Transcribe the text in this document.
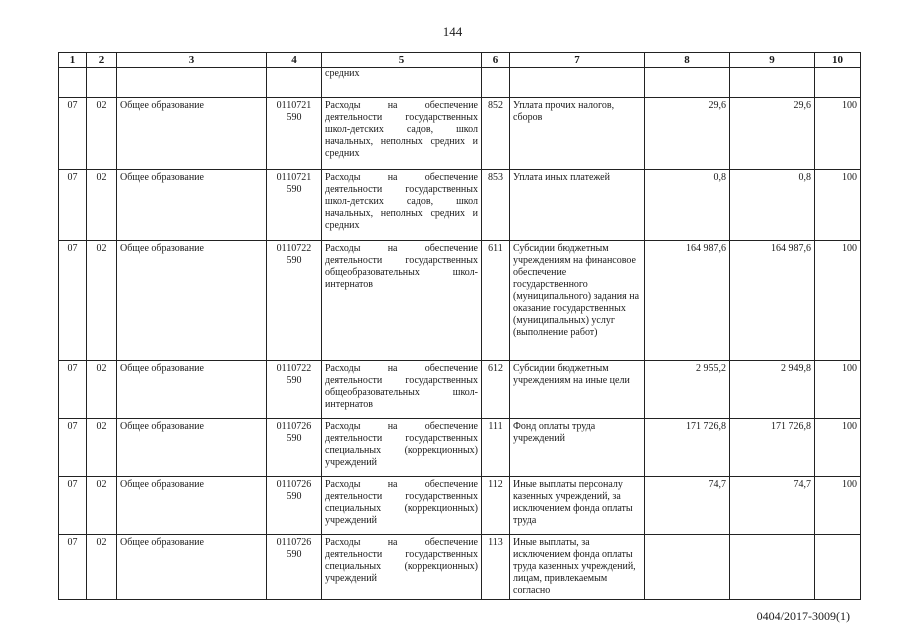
144
1	2	3	4	5	6	7	8	9	10
				средних					
07	02	Общее образование	0110721 590	Расходы на обеспечение деятельности государственных школ-детских садов, школ начальных, неполных средних и средних	852	Уплата прочих налогов, сборов	29,6	29,6	100
07	02	Общее образование	0110721 590	Расходы на обеспечение деятельности государственных школ-детских садов, школ начальных, неполных средних и средних	853	Уплата иных платежей	0,8	0,8	100
07	02	Общее образование	0110722 590	Расходы на обеспечение деятельности государственных общеобразовательных школ-интернатов	611	Субсидии бюджетным учреждениям на финансовое обеспечение государственного (муниципального) задания на оказание государственных (муниципальных) услуг (выполнение работ)	164 987,6	164 987,6	100
07	02	Общее образование	0110722 590	Расходы на обеспечение деятельности государственных общеобразовательных школ-интернатов	612	Субсидии бюджетным учреждениям на иные цели	2 955,2	2 949,8	100
07	02	Общее образование	0110726 590	Расходы на обеспечение деятельности государственных специальных (коррекционных) учреждений	111	Фонд оплаты труда учреждений	171 726,8	171 726,8	100
07	02	Общее образование	0110726 590	Расходы на обеспечение деятельности государственных специальных (коррекционных) учреждений	112	Иные выплаты персоналу казенных учреждений, за исключением фонда оплаты труда	74,7	74,7	100
07	02	Общее образование	0110726 590	Расходы на обеспечение деятельности государственных специальных (коррекционных) учреждений	113	Иные выплаты, за исключением фонда оплаты труда казенных учреждений, лицам, привлекаемым согласно			
0404/2017-3009(1)
